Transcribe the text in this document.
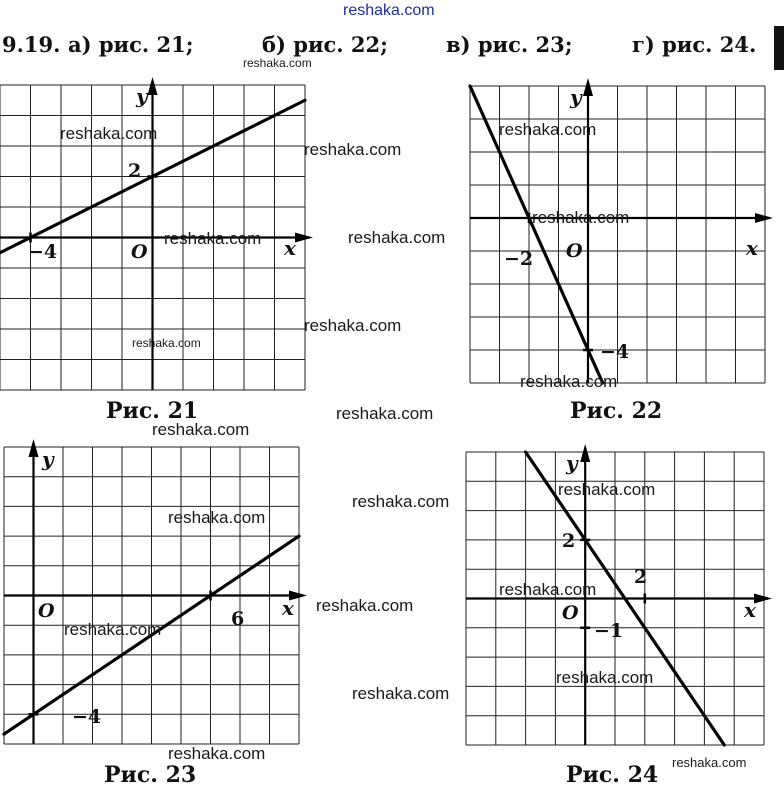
reshaka.com
9.19. а) рис. 21;	б) рис. 22;	в) рис. 23;	г) рис. 24.
y
x
O
−4
2
Рис. 21
y
x
O
−2
−4
Рис. 22
y
x
O	6
−4
Рис. 23
y
x
O
2
2
−1
Рис. 24
reshaka.com
reshaka.com
reshaka.com
reshaka.com	reshaka.com
reshaka.com
reshaka.com
reshaka.com
reshaka.com
reshaka.com
reshaka.com
reshaka.com
reshaka.com
reshaka.com
reshaka.com
reshaka.com
reshaka.com
reshaka.com
reshaka.com
reshaka.com
reshaka.com	reshaka.com
